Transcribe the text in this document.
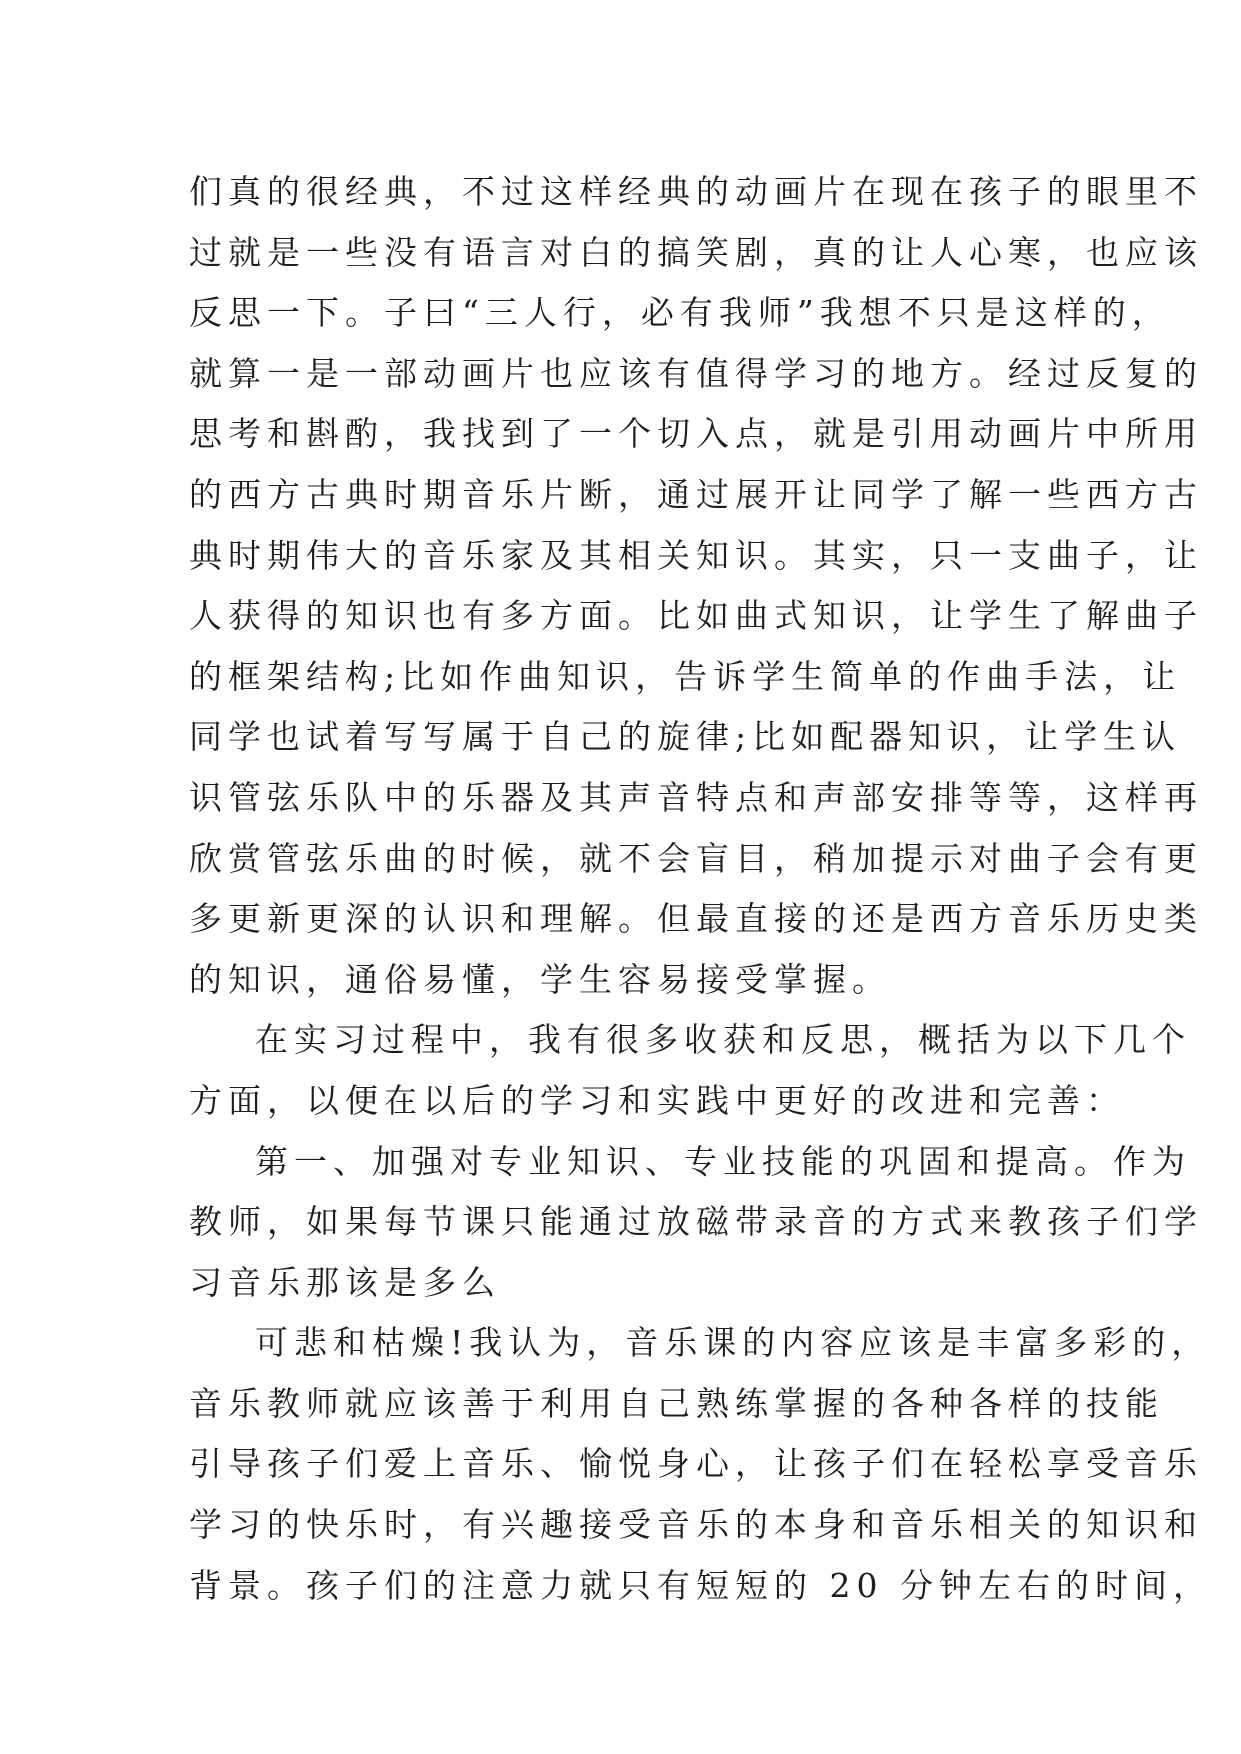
们真的很经典，不过这样经典的动画片在现在孩子的眼里不
过就是一些没有语言对白的搞笑剧，真的让人心寒，也应该
反思一下。子曰“三人行，必有我师”我想不只是这样的，
就算一是一部动画片也应该有值得学习的地方。经过反复的
思考和斟酌，我找到了一个切入点，就是引用动画片中所用
的西方古典时期音乐片断，通过展开让同学了解一些西方古
典时期伟大的音乐家及其相关知识。其实，只一支曲子，让
人获得的知识也有多方面。比如曲式知识，让学生了解曲子
的框架结构;比如作曲知识，告诉学生简单的作曲手法，让
同学也试着写写属于自己的旋律;比如配器知识，让学生认
识管弦乐队中的乐器及其声音特点和声部安排等等，这样再
欣赏管弦乐曲的时候，就不会盲目，稍加提示对曲子会有更
多更新更深的认识和理解。但最直接的还是西方音乐历史类
的知识，通俗易懂，学生容易接受掌握。
在实习过程中，我有很多收获和反思，概括为以下几个
方面，以便在以后的学习和实践中更好的改进和完善：
第一、加强对专业知识、专业技能的巩固和提高。作为
教师，如果每节课只能通过放磁带录音的方式来教孩子们学
习音乐那该是多么
可悲和枯燥!我认为，音乐课的内容应该是丰富多彩的，
音乐教师就应该善于利用自己熟练掌握的各种各样的技能
引导孩子们爱上音乐、愉悦身心，让孩子们在轻松享受音乐
学习的快乐时，有兴趣接受音乐的本身和音乐相关的知识和
背景。孩子们的注意力就只有短短的 20 分钟左右的时间，
